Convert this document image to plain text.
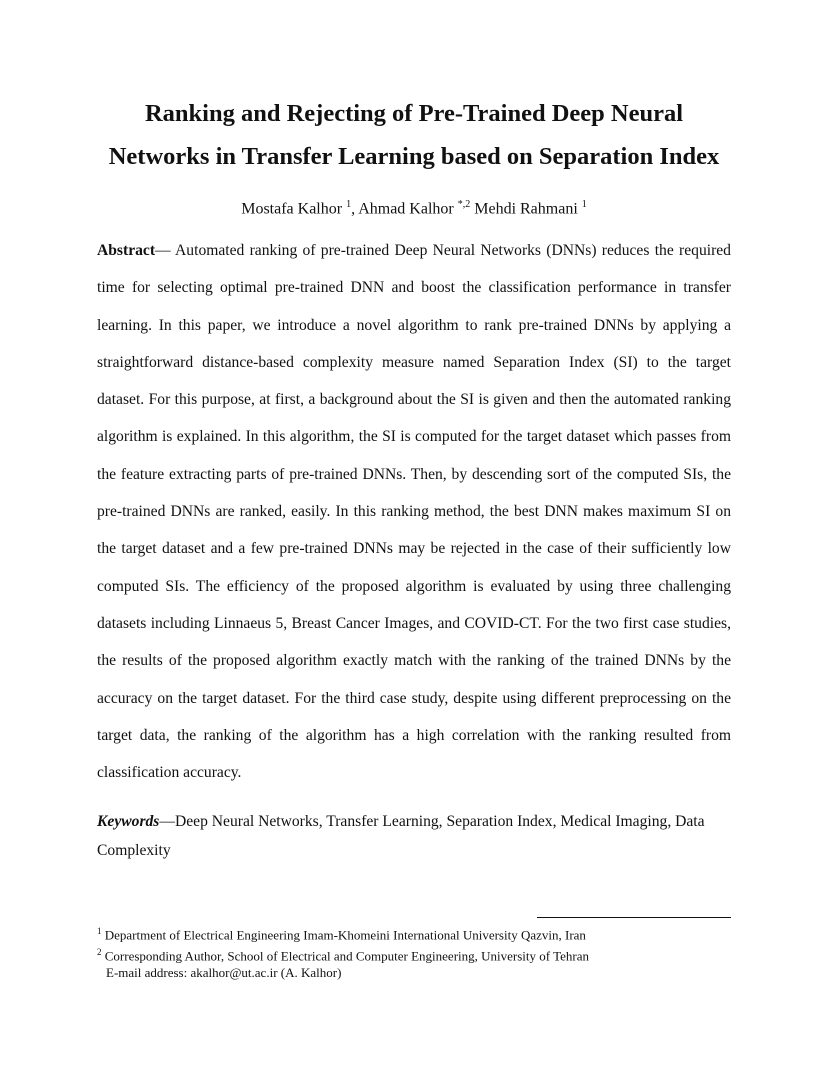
Ranking and Rejecting of Pre-Trained Deep Neural
Networks in Transfer Learning based on Separation Index
Mostafa Kalhor $^1$, Ahmad Kalhor $^{*,2}$ Mehdi Rahmani $^1$

Abstract— Automated ranking of pre-trained Deep Neural Networks (DNNs) reduces the required time for selecting optimal pre-trained DNN and boost the classification performance in transfer learning. In this paper, we introduce a novel algorithm to rank pre-trained DNNs by applying a straightforward distance-based complexity measure named Separation Index (SI) to the target dataset. For this purpose, at first, a background about the SI is given and then the automated ranking algorithm is explained. In this algorithm, the SI is computed for the target dataset which passes from the feature extracting parts of pre-trained DNNs. Then, by descending sort of the computed SIs, the pre-trained DNNs are ranked, easily. In this ranking method, the best DNN makes maximum SI on the target dataset and a few pre-trained DNNs may be rejected in the case of their sufficiently low computed SIs. The efficiency of the proposed algorithm is evaluated by using three challenging datasets including Linnaeus 5, Breast Cancer Images, and COVID-CT. For the two first case studies, the results of the proposed algorithm exactly match with the ranking of the trained DNNs by the accuracy on the target dataset. For the third case study, despite using different preprocessing on the target data, the ranking of the algorithm has a high correlation with the ranking resulted from classification accuracy.

Keywords—Deep Neural Networks, Transfer Learning, Separation Index, Medical Imaging, Data Complexity

$^1$ Department of Electrical Engineering Imam-Khomeini International University Qazvin, Iran
$^2$ Corresponding Author, School of Electrical and Computer Engineering, University of Tehran
E-mail address: akalhor@ut.ac.ir (A. Kalhor)
